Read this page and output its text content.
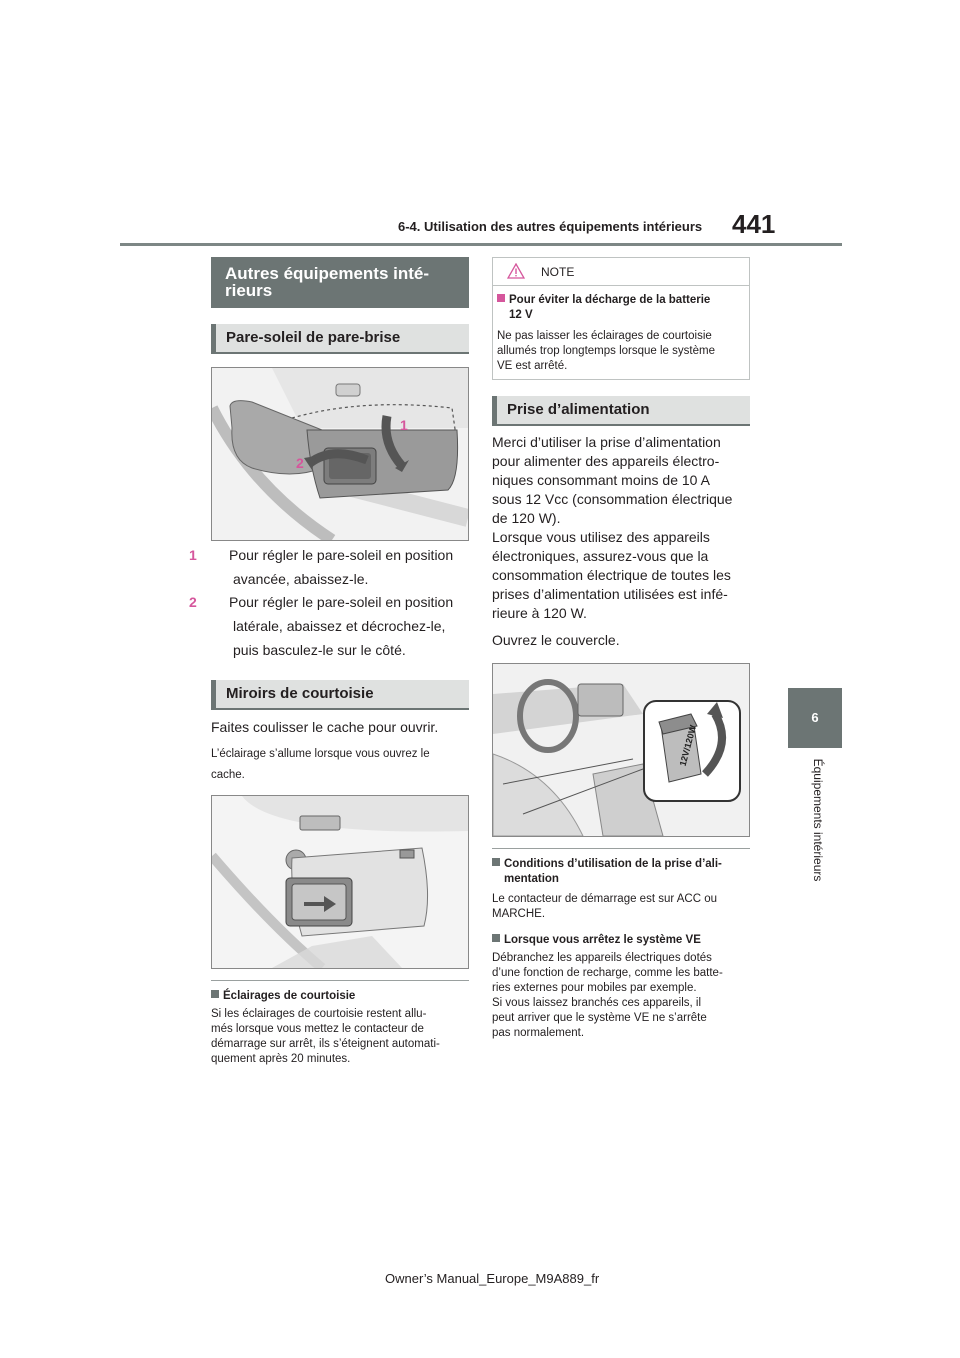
6-4. Utilisation des autres équipements intérieurs 441
6
Équipements intérieurs
Autres équipements inté-rieurs
Pare-soleil de pare-brise
1
2
1 Pour régler le pare-soleil en position
avancée, abaissez-le.
2 Pour régler le pare-soleil en position
latérale, abaissez et décrochez-le,
puis basculez-le sur le côté.
Miroirs de courtoisie
Faites coulisser le cache pour ouvrir.
L’éclairage s’allume lorsque vous ouvrez le
cache.
Éclairages de courtoisie
Si les éclairages de courtoisie restent allu-
més lorsque vous mettez le contacteur de
démarrage sur arrêt, ils s’éteignent automati-
quement après 20 minutes.
NOTE
Pour éviter la décharge de la batterie
12 V
Ne pas laisser les éclairages de courtoisie
allumés trop longtemps lorsque le système
VE est arrêté.
Prise d’alimentation
Merci d’utiliser la prise d’alimentation
pour alimenter des appareils électro-
niques consommant moins de 10 A
sous 12 Vcc (consommation électrique
de 120 W).
Lorsque vous utilisez des appareils
électroniques, assurez-vous que la
consommation électrique de toutes les
prises d’alimentation utilisées est infé-
rieure à 120 W.
Ouvrez le couvercle.
12V/120W
Conditions d’utilisation de la prise d’ali-
mentation
Le contacteur de démarrage est sur ACC ou
MARCHE.
Lorsque vous arrêtez le système VE
Débranchez les appareils électriques dotés
d’une fonction de recharge, comme les batte-
ries externes pour mobiles par exemple.
Si vous laissez branchés ces appareils, il
peut arriver que le système VE ne s’arrête
pas normalement.
Owner’s Manual_Europe_M9A889_fr
